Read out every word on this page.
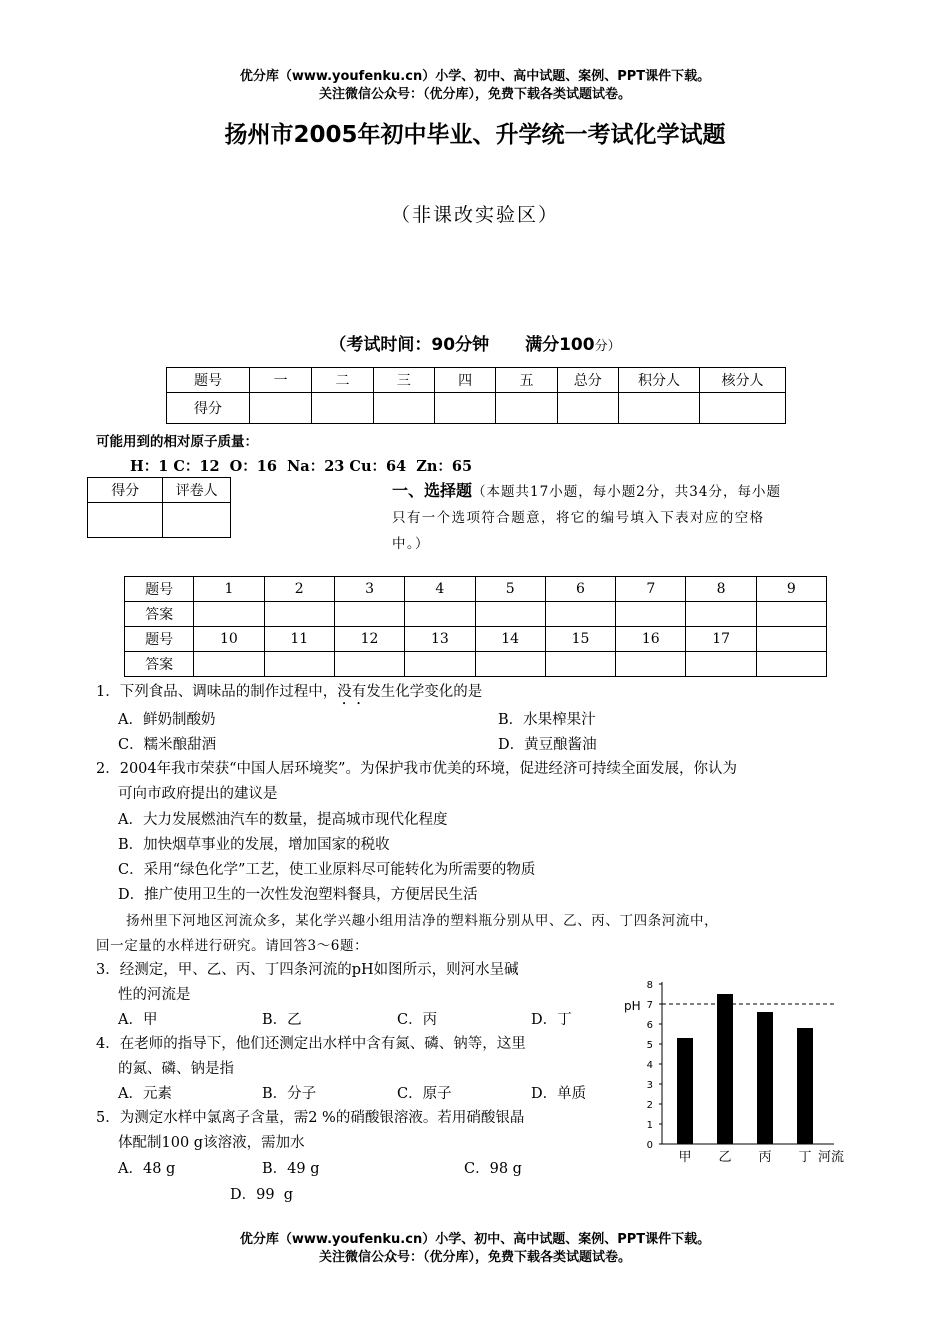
优分库（www.youfenku.cn）小学、初中、高中试题、案例、PPT课件下载。
关注微信公众号：（优分库），免费下载各类试题试卷。
扬州市2005年初中毕业、升学统一考试化学试题
（非课改实验区）
（考试时间：90分钟 满分100分）
题号	一	二	三	四	五	总分	积分人	核分人
得分								
可能用到的相对原子质量：
H：1 C：12  O：16  Na：23 Cu：64  Zn：65
得分	评卷人
		一、选择题（本题共17小题，每小题2分，共34分，每小题
只有一个选项符合题意，将它的编号填入下表对应的空格
中。）
题号	1	2	3	4	5	6	7	8	9
答案									
题号	10	11	12	13	14	15	16	17	
答案									
1．下列食品、调味品的制作过程中，没有发生化学变化的是
A．鲜奶制酸奶	B．水果榨果汁
C．糯米酿甜酒	D．黄豆酿酱油
2．2004年我市荣获“中国人居环境奖”。为保护我市优美的环境，促进经济可持续全面发展，你认为
可向市政府提出的建议是
A．大力发展燃油汽车的数量，提高城市现代化程度
B．加快烟草事业的发展，增加国家的税收
C．采用“绿色化学”工艺，使工业原料尽可能转化为所需要的物质
D．推广使用卫生的一次性发泡塑料餐具，方便居民生活
扬州里下河地区河流众多，某化学兴趣小组用洁净的塑料瓶分别从甲、乙、丙、丁四条河流中，
回一定量的水样进行研究。请回答3～6题：
3．经测定，甲、乙、丙、丁四条河流的pH如图所示，则河水呈碱
性的河流是
A．甲	B．乙	C．丙	D．丁
4．在老师的指导下，他们还测定出水样中含有氮、磷、钠等，这里
的氮、磷、钠是指
A．元素	B．分子	C．原子	D．单质
5．为测定水样中氯离子含量，需2 %的硝酸银溶液。若用硝酸银晶
体配制100 g该溶液，需加水
A．48 g	B．49 g	C．98 g
D．99  g
pH
河流
0
1
2
3
4
5
6
7
8
甲 乙 丙 丁
优分库（www.youfenku.cn）小学、初中、高中试题、案例、PPT课件下载。
关注微信公众号：（优分库），免费下载各类试题试卷。
